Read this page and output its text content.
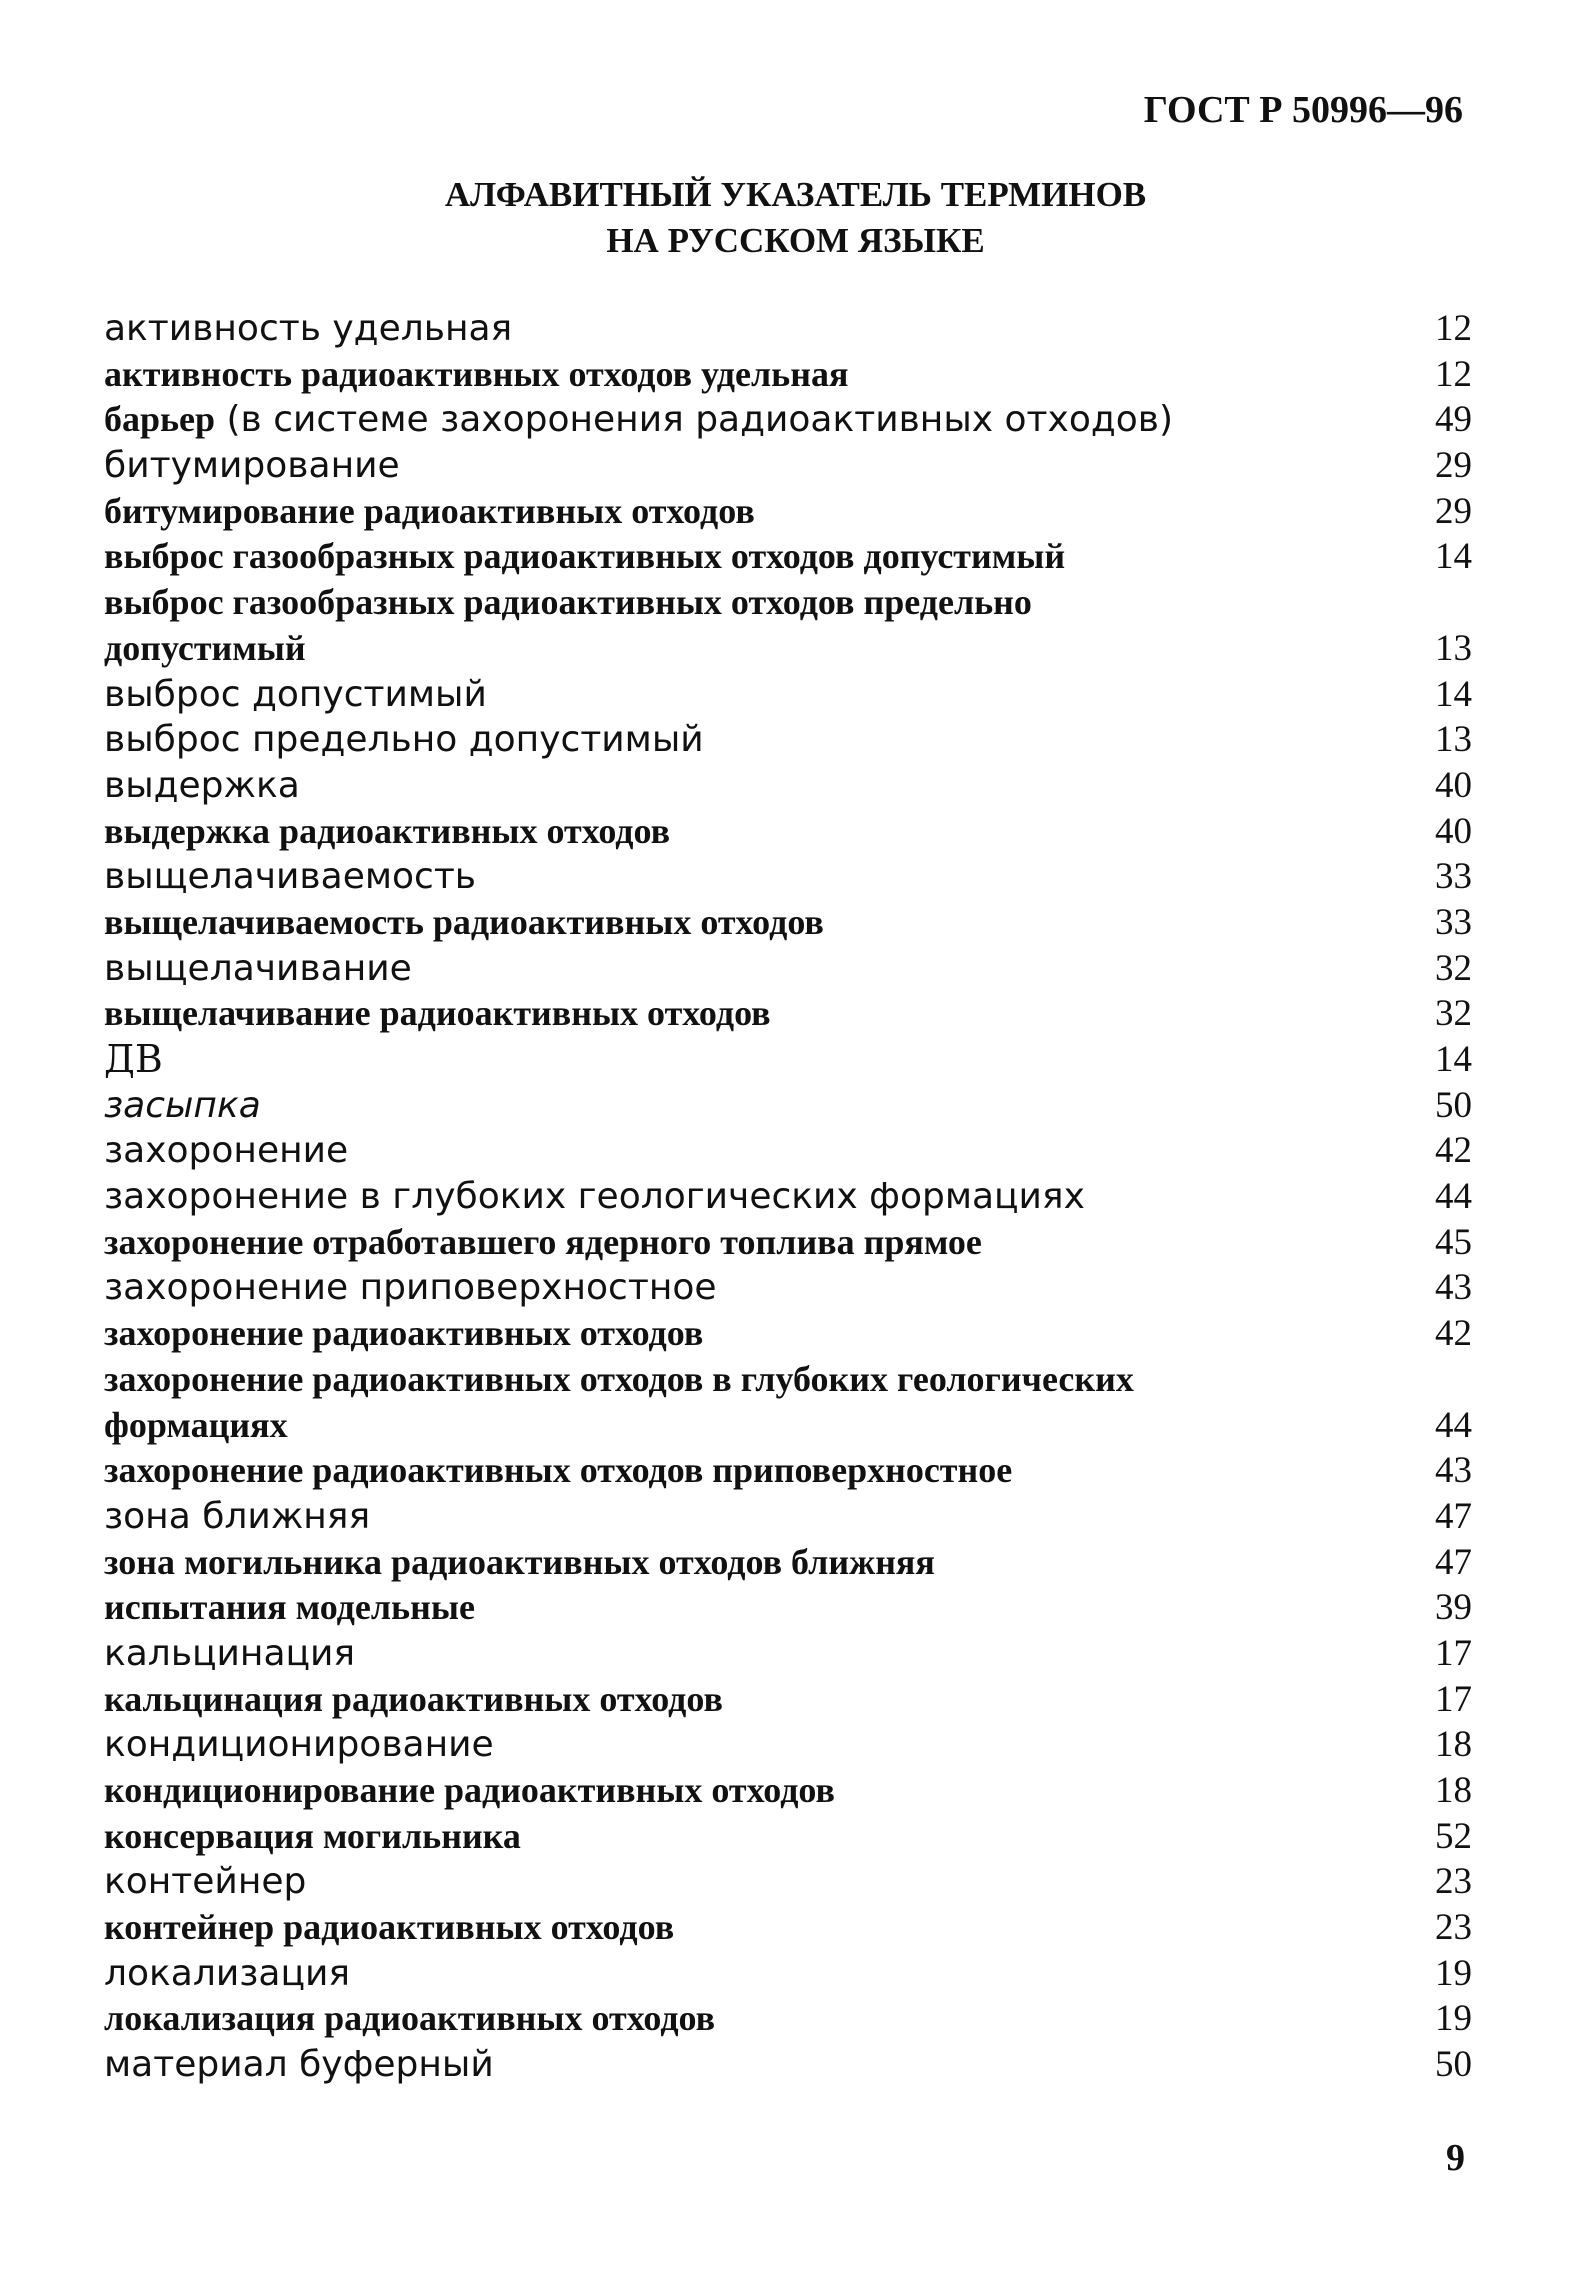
ГОСТ Р 50996—96
АЛФАВИТНЫЙ УКАЗАТЕЛЬ ТЕРМИНОВ
НА РУССКОМ ЯЗЫКЕ
активность удельная	12
активность радиоактивных отходов удельная	12
барьер (в системе захоронения радиоактивных отходов)	49
битумирование	29
битумирование радиоактивных отходов	29
выброс газообразных радиоактивных отходов допустимый	14
выброс газообразных радиоактивных отходов предельно
допустимый	13
выброс допустимый	14
выброс предельно допустимый	13
выдержка	40
выдержка радиоактивных отходов	40
выщелачиваемость	33
выщелачиваемость радиоактивных отходов	33
выщелачивание	32
выщелачивание радиоактивных отходов	32
ДВ	14
засыпка	50
захоронение	42
захоронение в глубоких геологических формациях	44
захоронение отработавшего ядерного топлива прямое	45
захоронение приповерхностное	43
захоронение радиоактивных отходов	42
захоронение радиоактивных отходов в глубоких геологических
формациях	44
захоронение радиоактивных отходов приповерхностное	43
зона ближняя	47
зона могильника радиоактивных отходов ближняя	47
испытания модельные	39
кальцинация	17
кальцинация радиоактивных отходов	17
кондиционирование	18
кондиционирование радиоактивных отходов	18
консервация могильника	52
контейнер	23
контейнер радиоактивных отходов	23
локализация	19
локализация радиоактивных отходов	19
материал буферный	50
9
